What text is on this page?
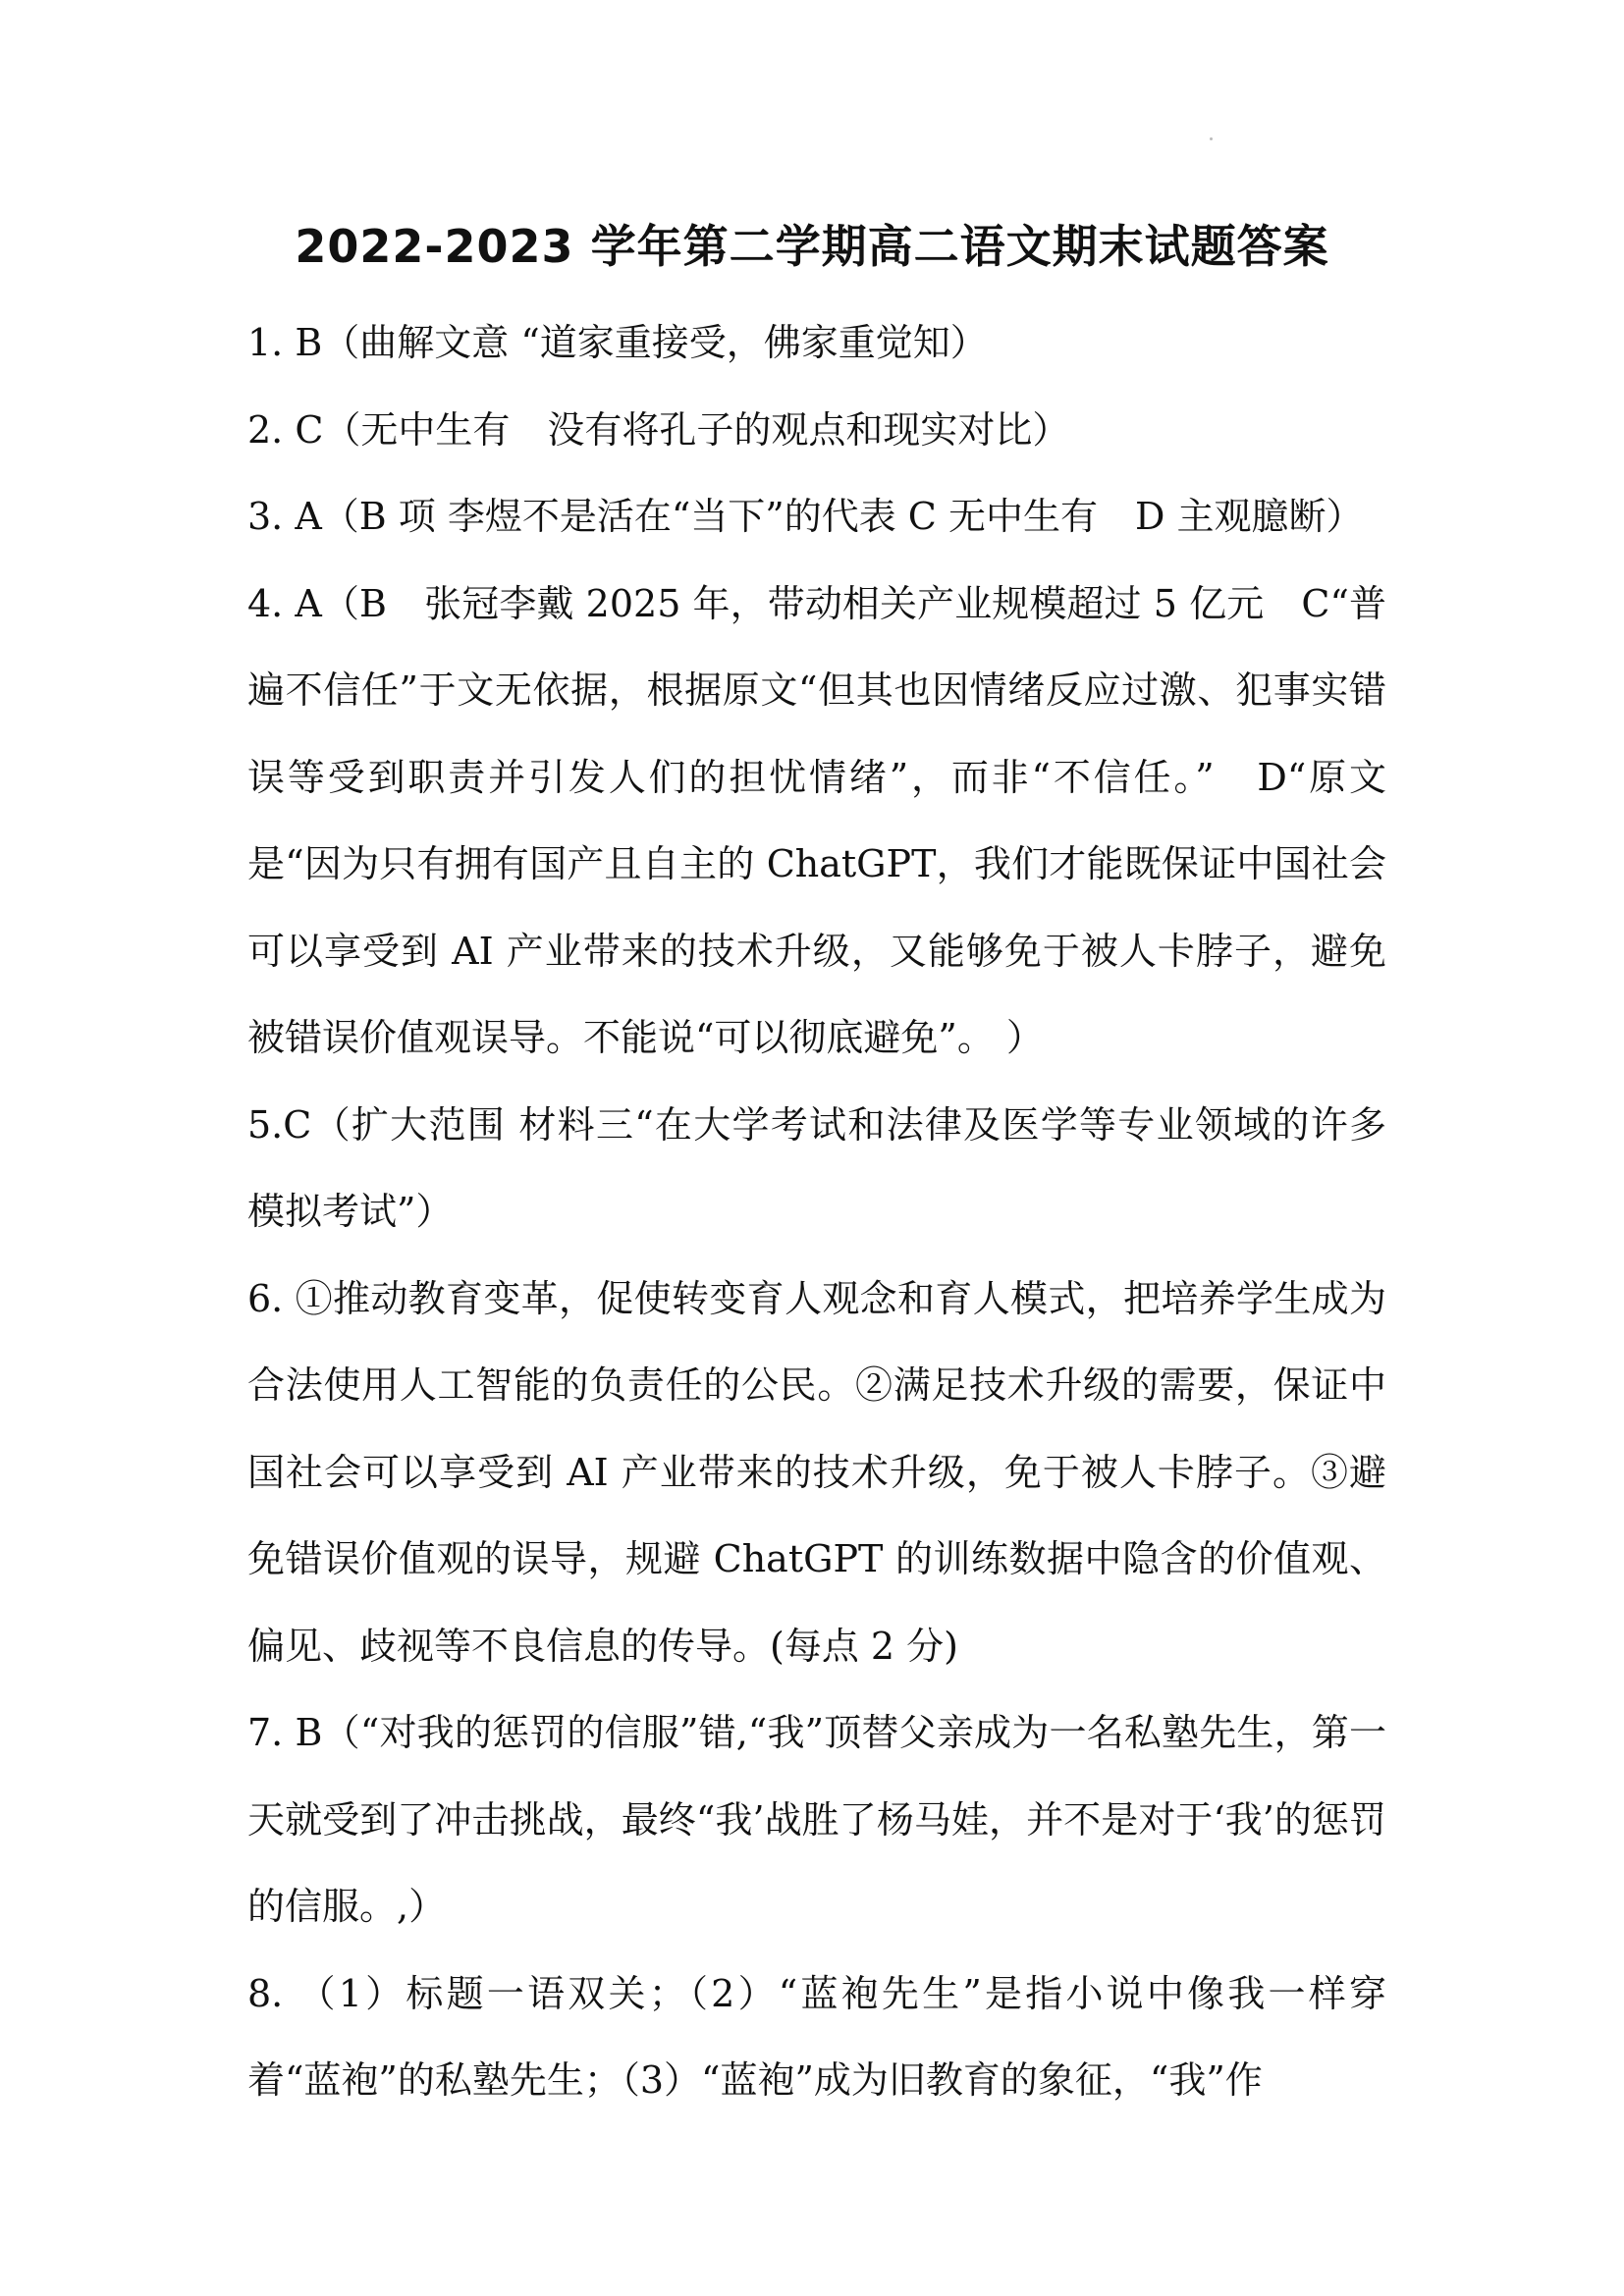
2022-2023 学年第二学期高二语文期末试题答案

1. B（曲解文意 “道家重接受，佛家重觉知）

2. C（无中生有　没有将孔子的观点和现实对比）

3. A（B 项 李煜不是活在“当下”的代表 C 无中生有　D 主观臆断）

4. A（B　张冠李戴 2025 年，带动相关产业规模超过 5 亿元　C“普遍不信任”于文无依据，根据原文“但其也因情绪反应过激、犯事实错误等受到职责并引发人们的担忧情绪”，而非“不信任。”　D“原文是“因为只有拥有国产且自主的 ChatGPT，我们才能既保证中国社会可以享受到 AI 产业带来的技术升级，又能够免于被人卡脖子，避免被错误价值观误导。不能说“可以彻底避免”。 ）

5.C（扩大范围 材料三“在大学考试和法律及医学等专业领域的许多模拟考试”）

6. ①推动教育变革，促使转变育人观念和育人模式，把培养学生成为合法使用人工智能的负责任的公民。②满足技术升级的需要，保证中国社会可以享受到 AI 产业带来的技术升级，免于被人卡脖子。③避免错误价值观的误导，规避 ChatGPT 的训练数据中隐含的价值观、偏见、歧视等不良信息的传导。(每点 2 分)

7. B（“对我的惩罚的信服”错,“我”顶替父亲成为一名私塾先生，第一天就受到了冲击挑战，最终“我’战胜了杨马娃，并不是对于‘我’的惩罚的信服。,）

8. （1）标题一语双关；（2）“蓝袍先生”是指小说中像我一样穿着“蓝袍”的私塾先生；（3）“蓝袍”成为旧教育的象征，“我”作
